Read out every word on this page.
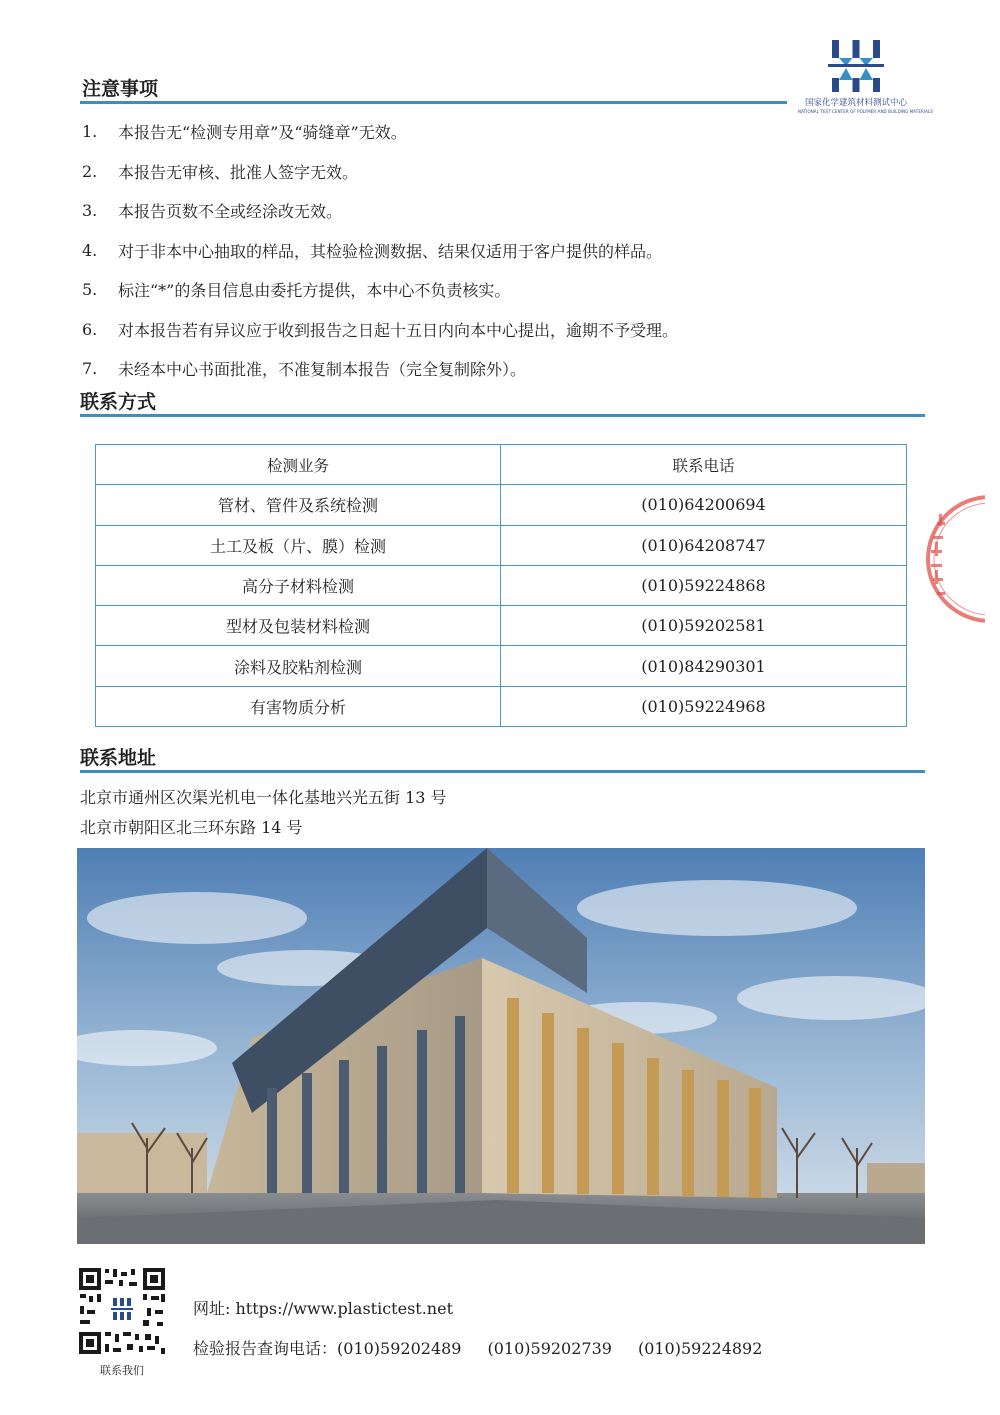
国家化学建筑材料测试中心
NATIONAL TEST CENTER OF POLYMER AND BUILDING MATERIALS
注意事项
1.	本报告无“检测专用章”及“骑缝章”无效。
2.	本报告无审核、批准人签字无效。
3.	本报告页数不全或经涂改无效。
4.	对于非本中心抽取的样品，其检验检测数据、结果仅适用于客户提供的样品。
5.	标注“*”的条目信息由委托方提供，本中心不负责核实。
6.	对本报告若有异议应于收到报告之日起十五日内向本中心提出，逾期不予受理。
7.	未经本中心书面批准，不准复制本报告（完全复制除外）。
联系方式
检测业务	联系电话
管材、管件及系统检测	(010)64200694
土工及板（片、膜）检测	(010)64208747
高分子材料检测	(010)59224868
型材及包装材料检测	(010)59202581
涂料及胶粘剂检测	(010)84290301
有害物质分析	(010)59224968
联系地址
北京市通州区次渠光机电一体化基地兴光五街 13 号
北京市朝阳区北三环东路 14 号
联系我们
网址: https://www.plastictest.net
检验报告查询电话：(010)59202489 (010)59202739 (010)59224892
